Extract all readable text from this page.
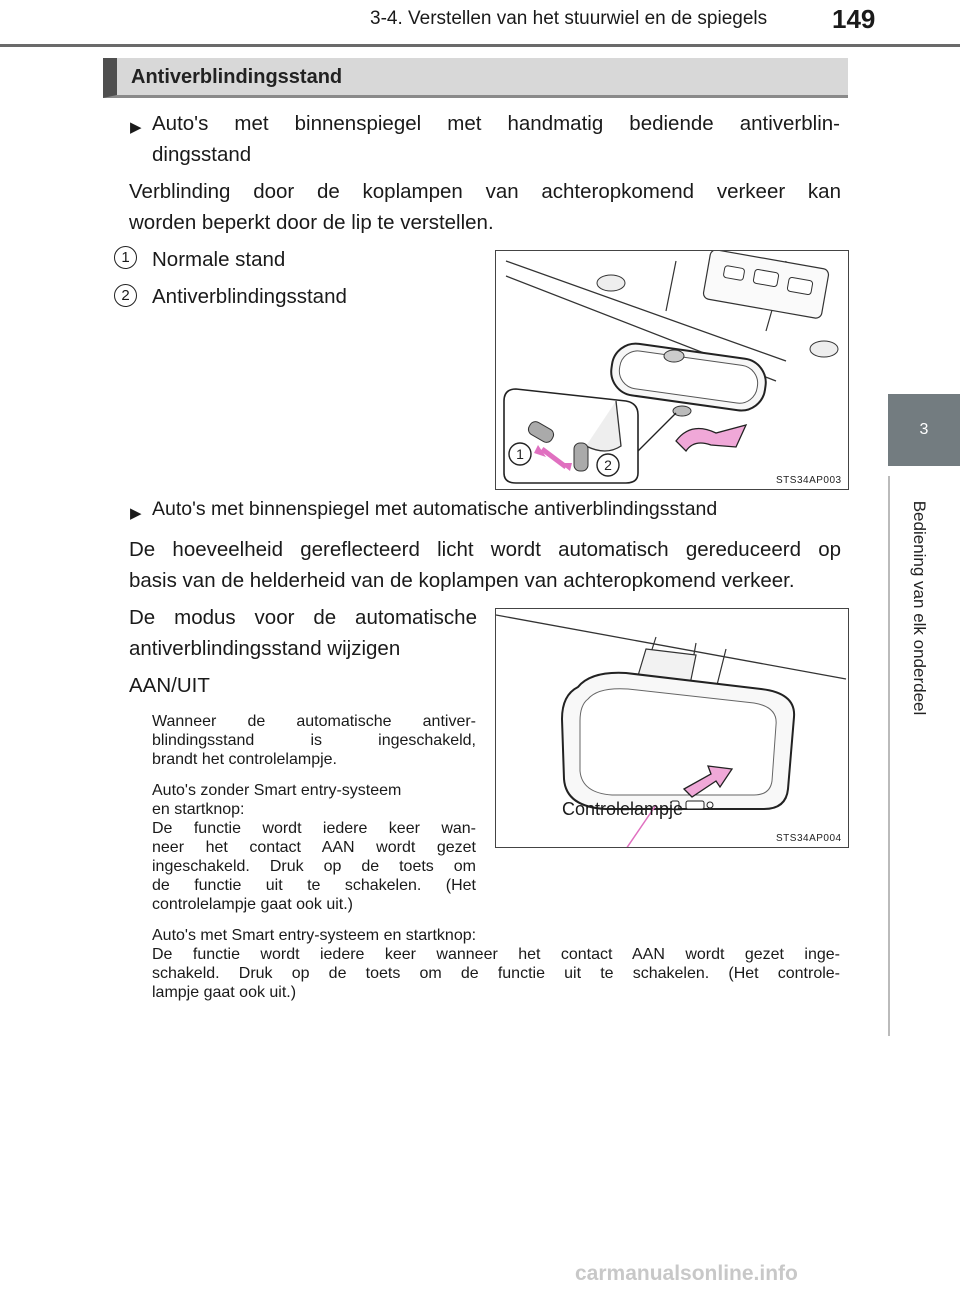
3-4. Verstellen van het stuurwiel en de spiegels 149
3
Bediening van elk onderdeel
Antiverblindingsstand
▶ Auto's met binnenspiegel met handmatig bediende antiverblin-
dingsstand
Verblinding door de koplampen van achteropkomend verkeer kan
worden beperkt door de lip te verstellen.
1	Normale stand
2	Antiverblindingsstand
1
2
STS34AP003
▶ Auto's met binnenspiegel met automatische antiverblindingsstand
De hoeveelheid gereflecteerd licht wordt automatisch gereduceerd op
basis van de helderheid van de koplampen van achteropkomend verkeer.
De modus voor de automatische
antiverblindingsstand wijzigen
AAN/UIT
Wanneer de automatische antiver-
blindingsstand is ingeschakeld,
brandt het controlelampje.
Auto's zonder Smart entry-systeem
en startknop:
De functie wordt iedere keer wan-
neer het contact AAN wordt gezet
ingeschakeld. Druk op de toets om
de functie uit te schakelen. (Het
controlelampje gaat ook uit.)
Auto's met Smart entry-systeem en startknop:
De functie wordt iedere keer wanneer het contact AAN wordt gezet inge-
schakeld. Druk op de toets om de functie uit te schakelen. (Het controle-
lampje gaat ook uit.)
Controlelampje
STS34AP004
carmanualsonline.info
